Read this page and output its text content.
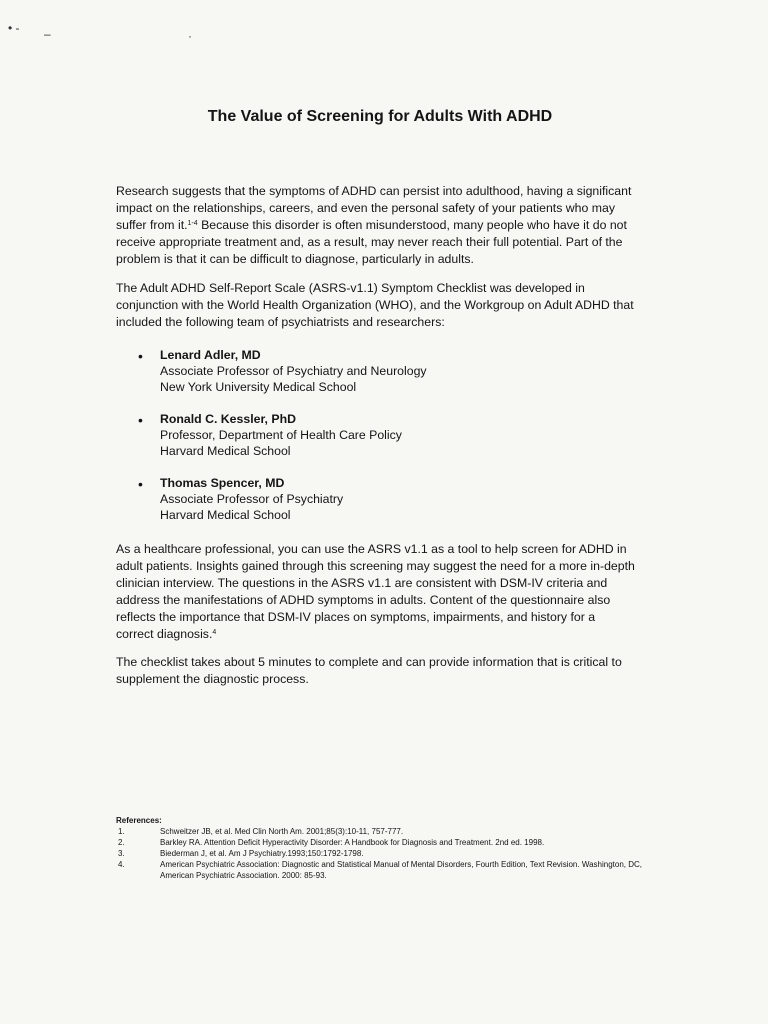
• - –	·
The Value of Screening for Adults With ADHD

Research suggests that the symptoms of ADHD can persist into adulthood, having a significant impact on the relationships, careers, and even the personal safety of your patients who may suffer from it.$^{1-4}$ Because this disorder is often misunderstood, many people who have it do not receive appropriate treatment and, as a result, may never reach their full potential. Part of the problem is that it can be difficult to diagnose, particularly in adults.

The Adult ADHD Self-Report Scale (ASRS-v1.1) Symptom Checklist was developed in conjunction with the World Health Organization (WHO), and the Workgroup on Adult ADHD that included the following team of psychiatrists and researchers:

• Lenard Adler, MD
Associate Professor of Psychiatry and Neurology
New York University Medical School
• Ronald C. Kessler, PhD
Professor, Department of Health Care Policy
Harvard Medical School
• Thomas Spencer, MD
Associate Professor of Psychiatry
Harvard Medical School

As a healthcare professional, you can use the ASRS v1.1 as a tool to help screen for ADHD in adult patients. Insights gained through this screening may suggest the need for a more in-depth clinician interview. The questions in the ASRS v1.1 are consistent with DSM-IV criteria and address the manifestations of ADHD symptoms in adults. Content of the questionnaire also reflects the importance that DSM-IV places on symptoms, impairments, and history for a correct diagnosis.$^4$

The checklist takes about 5 minutes to complete and can provide information that is critical to supplement the diagnostic process.

References:
1.	Schweitzer JB, et al. Med Clin North Am. 2001;85(3):10-11, 757-777.
2.	Barkley RA. Attention Deficit Hyperactivity Disorder: A Handbook for Diagnosis and Treatment. 2nd ed. 1998.
3.	Biederman J, et al. Am J Psychiatry.1993;150:1792-1798.
4.	American Psychiatric Association: Diagnostic and Statistical Manual of Mental Disorders, Fourth Edition, Text Revision. Washington, DC, American Psychiatric Association. 2000: 85-93.
